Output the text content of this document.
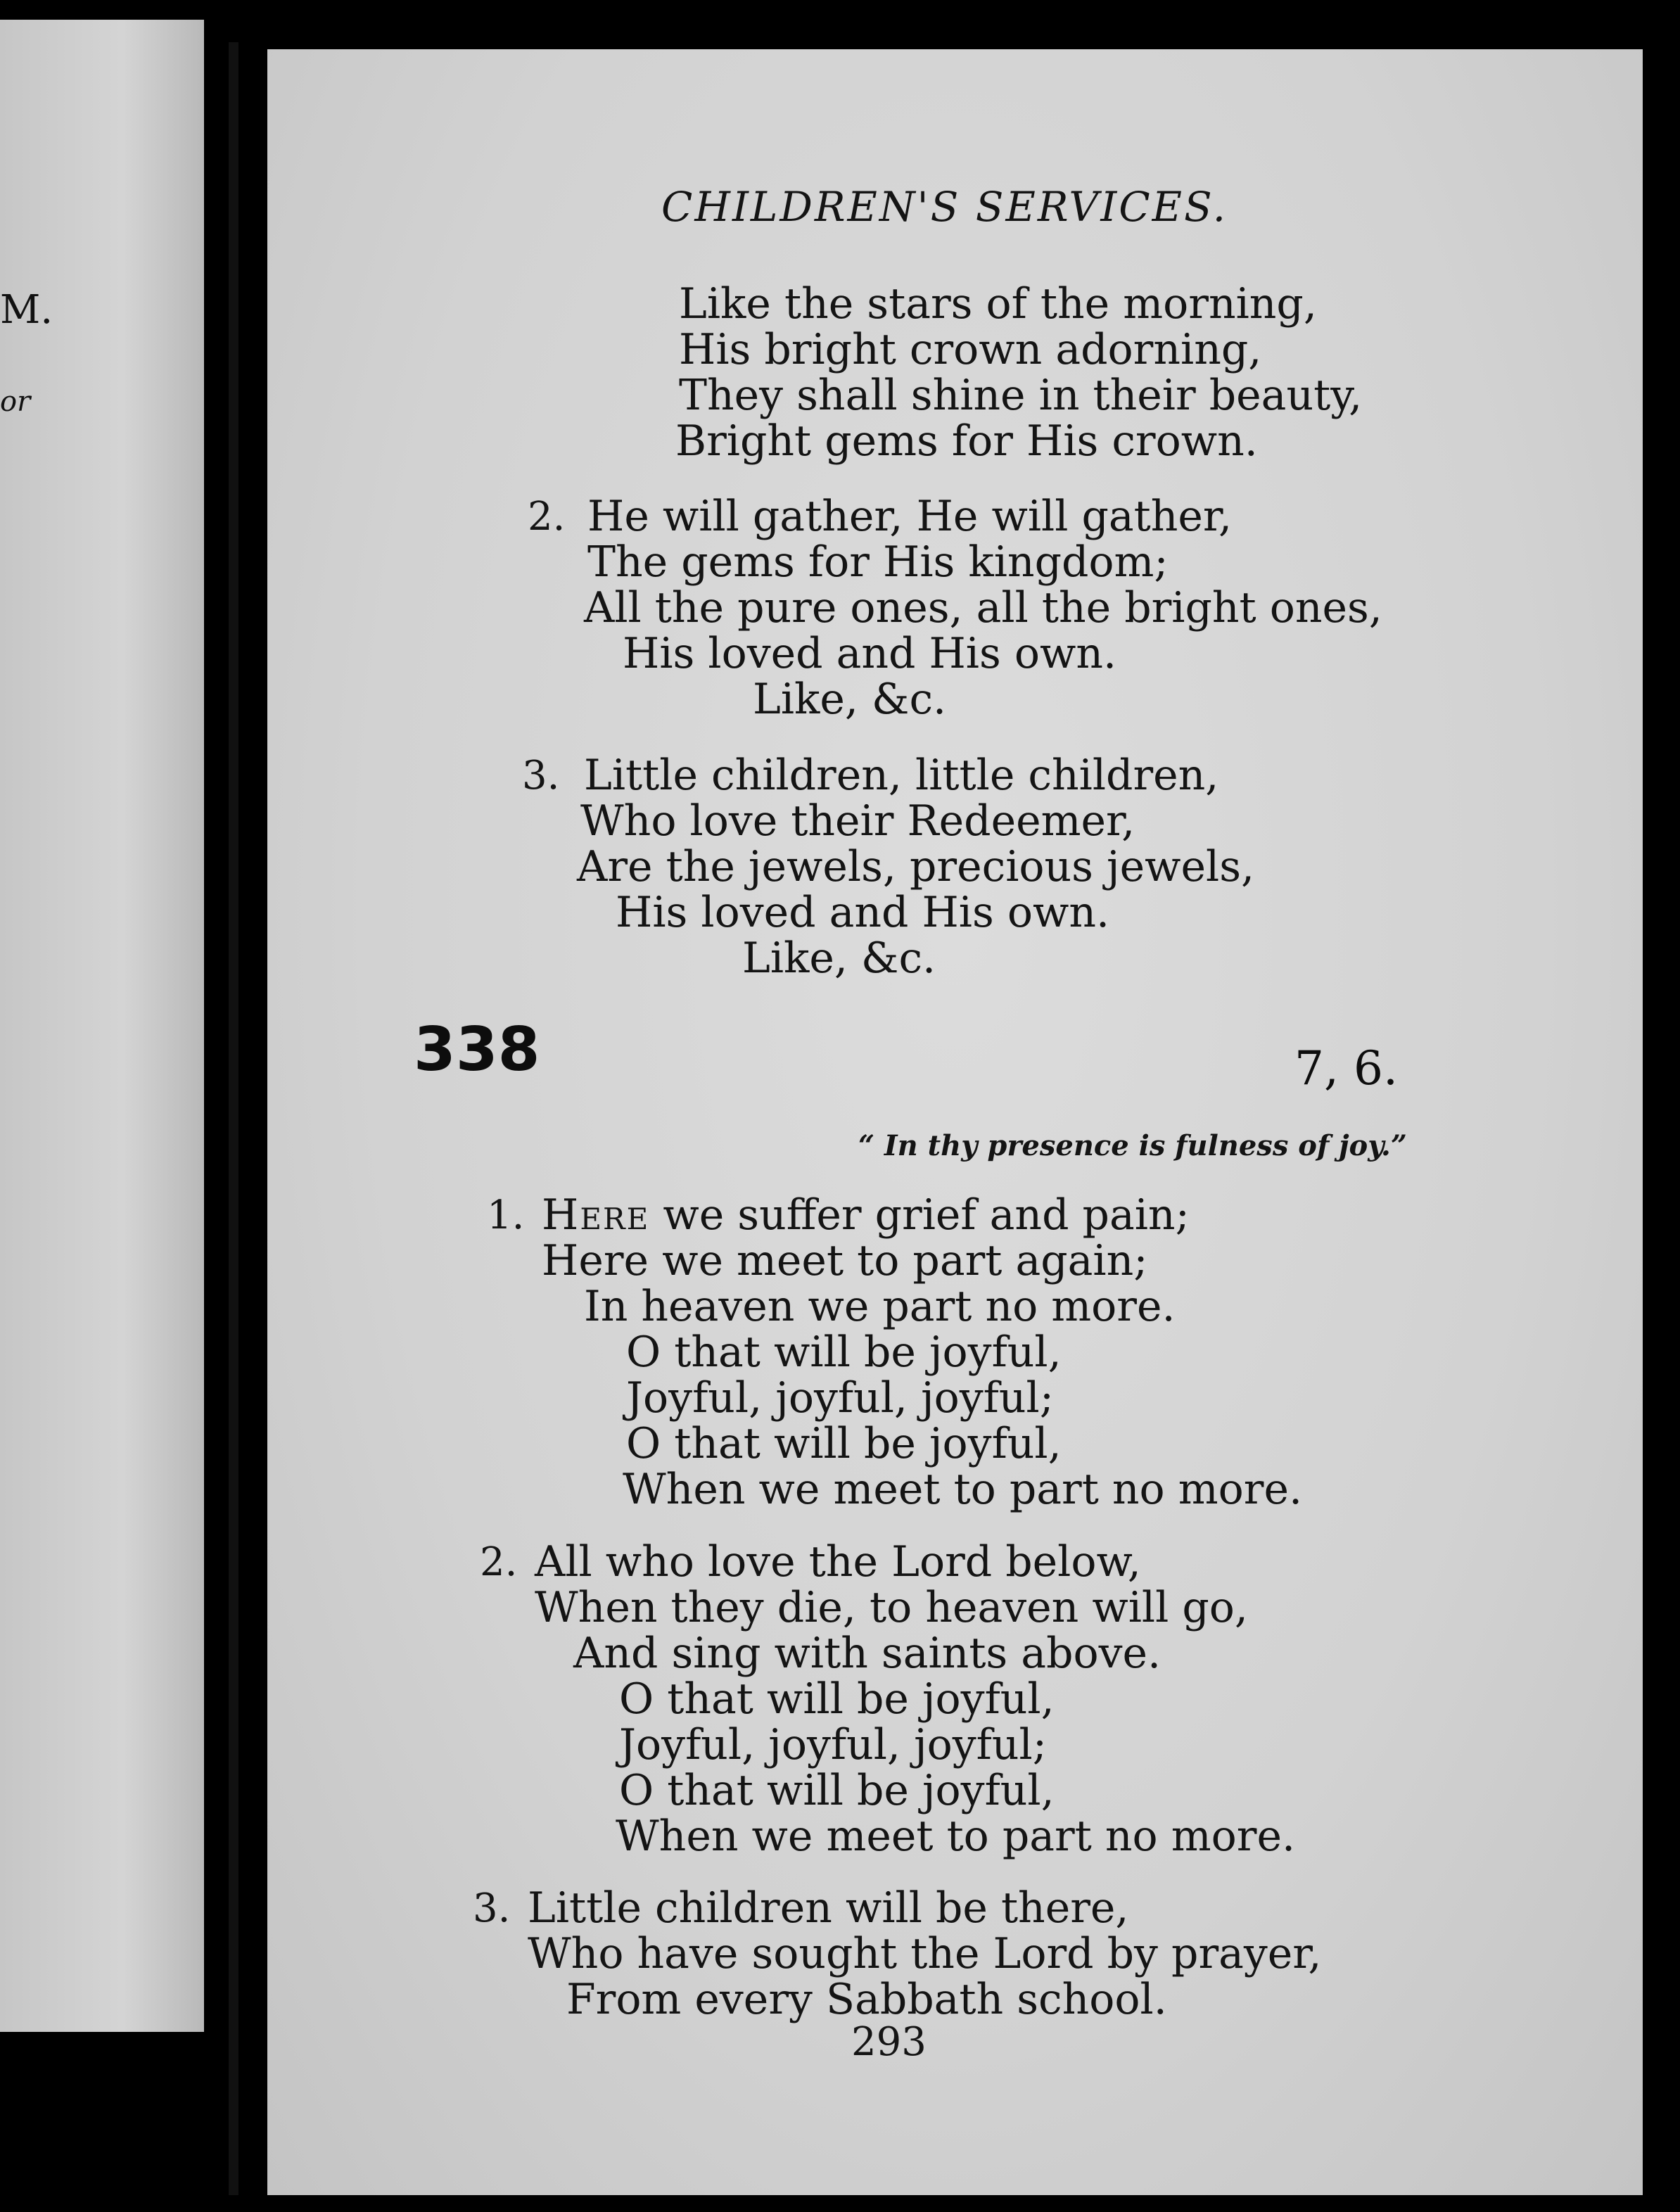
M.
or
CHILDREN'S SERVICES.
Like the stars of the morning,
His bright crown adorning,
They shall shine in their beauty,
Bright gems for His crown.
2. He will gather, He will gather,
The gems for His kingdom;
All the pure ones, all the bright ones,
His loved and His own.
Like, &c.
3. Little children, little children,
Who love their Redeemer,
Are the jewels, precious jewels,
His loved and His own.
Like, &c.
338	7, 6.
“ In thy presence is fulness of joy.”
1. Here we suffer grief and pain;
Here we meet to part again;
In heaven we part no more.
O that will be joyful,
Joyful, joyful, joyful;
O that will be joyful,
When we meet to part no more.
2. All who love the Lord below,
When they die, to heaven will go,
And sing with saints above.
O that will be joyful,
Joyful, joyful, joyful;
O that will be joyful,
When we meet to part no more.
3. Little children will be there,
Who have sought the Lord by prayer,
From every Sabbath school.
293
